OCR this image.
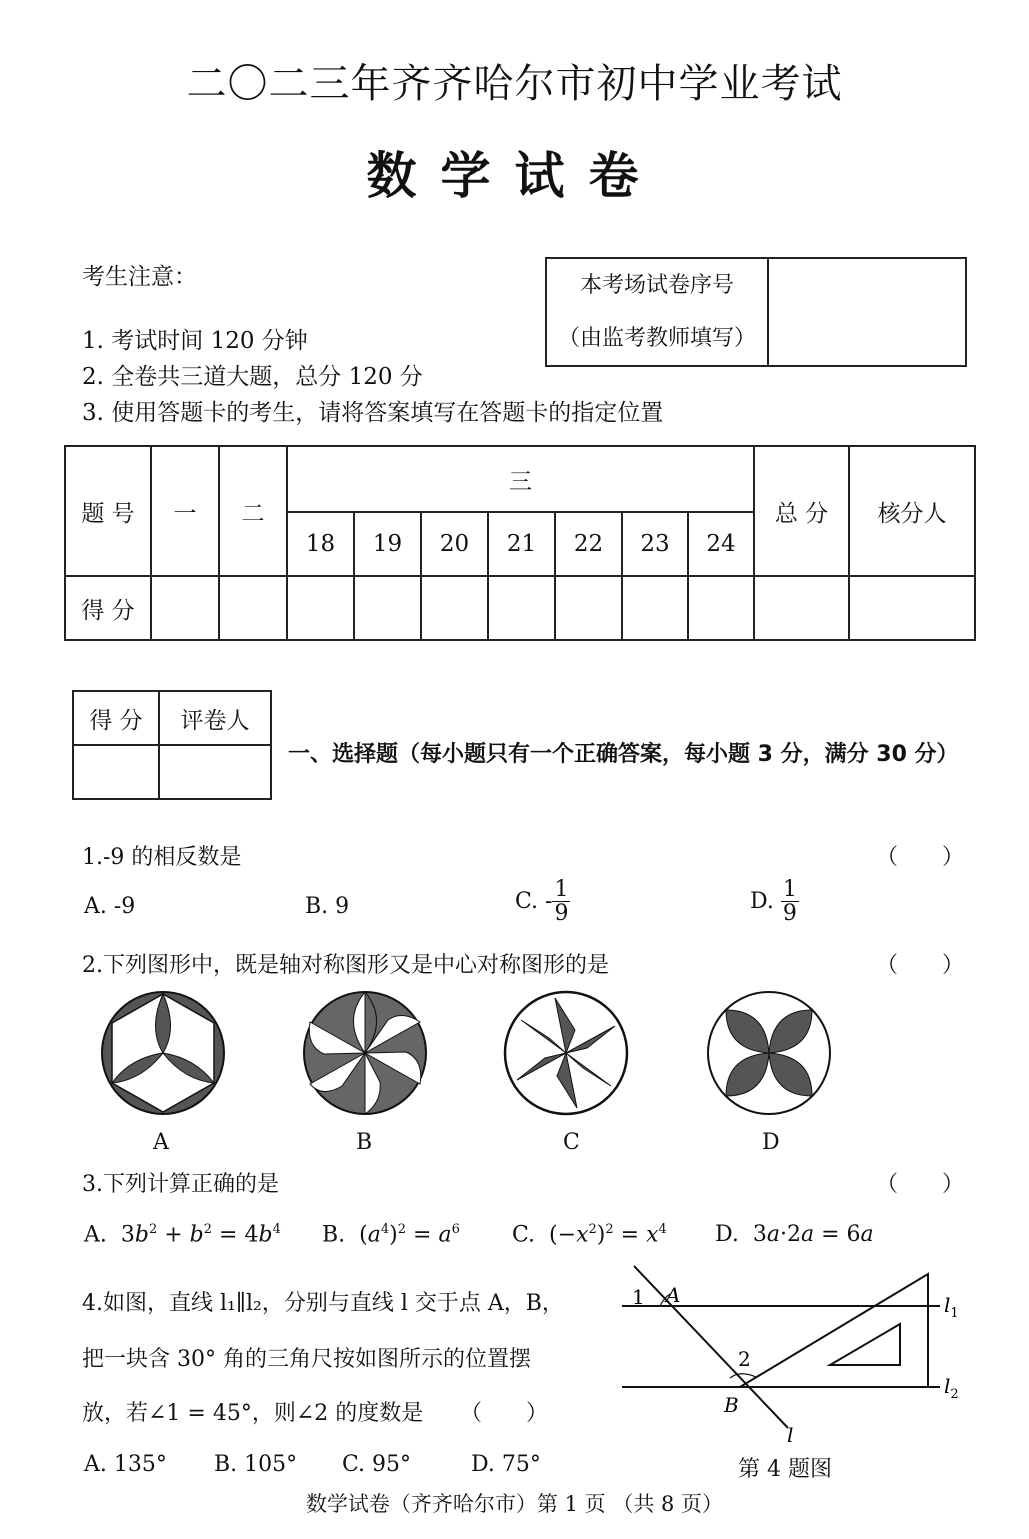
二〇二三年齐齐哈尔市初中学业考试
数学试卷
考生注意：
1. 考试时间 120 分钟
2. 全卷共三道大题，总分 120 分
3. 使用答题卡的考生，请将答案填写在答题卡的指定位置
本考场试卷序号
（由监考教师填写）
题 号	一	二	三							总 分	核分人
			18	19	20	21	22	23	24		
得 分											
得 分	评卷人

一、选择题（每小题只有一个正确答案，每小题 3 分，满分 30 分）
1.-9 的相反数是	（　　）
A. -9	B. 9	C. - $\frac{1}{9}$	D. $\frac{1}{9}$
2.下列图形中，既是轴对称图形又是中心对称图形的是	（　　）
A	B	C	D
3.下列计算正确的是	（　　）
A.  $3b^2 + b^2 = 4b^4$ B.  $(a^4)^2 = a^6$ C.  $(-x^2)^2 = x^4$ D.  3a·2a = 6a
4.如图，直线 l₁∥l₂，分别与直线 l 交于点 A，B，
把一块含 30° 角的三角尺按如图所示的位置摆
放，若∠1 = 45°，则∠2 的度数是 （　　）
A. 135° B. 105° C. 95°	D. 75°
1 A
2
B
l
$l_1$
$l_2$
第 4 题图
数学试卷（齐齐哈尔市）第 1 页 （共 8 页）
